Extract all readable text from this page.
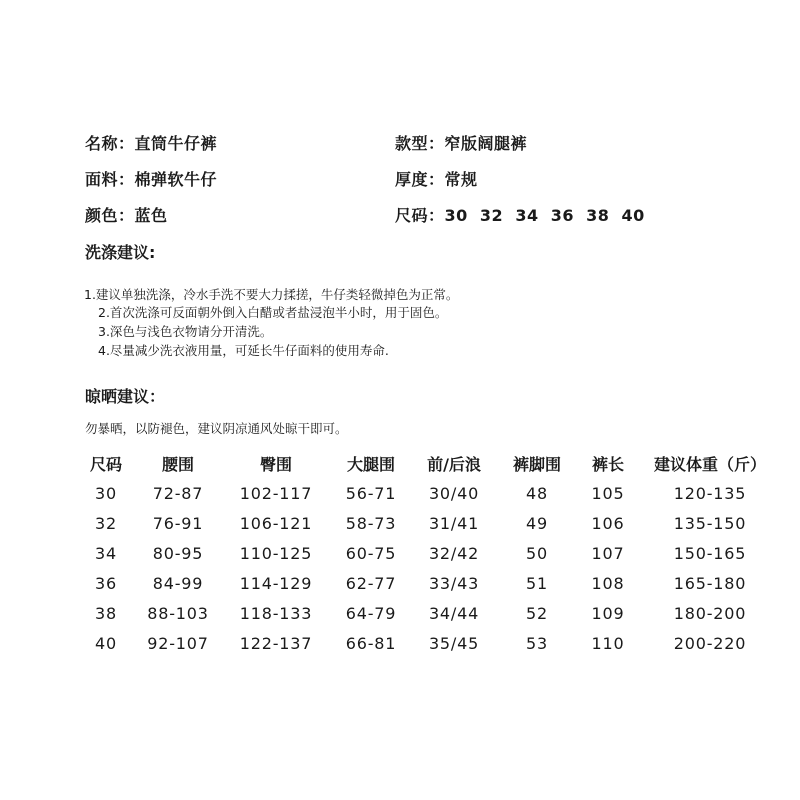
名称：直筒牛仔裤	款型：窄版阔腿裤
面料：棉弹软牛仔	厚度：常规
颜色：蓝色	尺码：30  32  34  36  38  40
洗涤建议:
1.建议单独洗涤，冷水手洗不要大力揉搓，牛仔类轻微掉色为正常。
2.首次洗涤可反面朝外倒入白醋或者盐浸泡半小时，用于固色。
3.深色与浅色衣物请分开清洗。
4.尽量减少洗衣液用量，可延长牛仔面料的使用寿命.
晾晒建议：
勿暴晒，以防褪色，建议阴凉通风处晾干即可。
尺码	腰围	臀围	大腿围	前/后浪	裤脚围	裤长	建议体重（斤）
30	72-87	102-117	56-71	30/40	48	105	120-135
32	76-91	106-121	58-73	31/41	49	106	135-150
34	80-95	110-125	60-75	32/42	50	107	150-165
36	84-99	114-129	62-77	33/43	51	108	165-180
38	88-103	118-133	64-79	34/44	52	109	180-200
40	92-107	122-137	66-81	35/45	53	110	200-220
